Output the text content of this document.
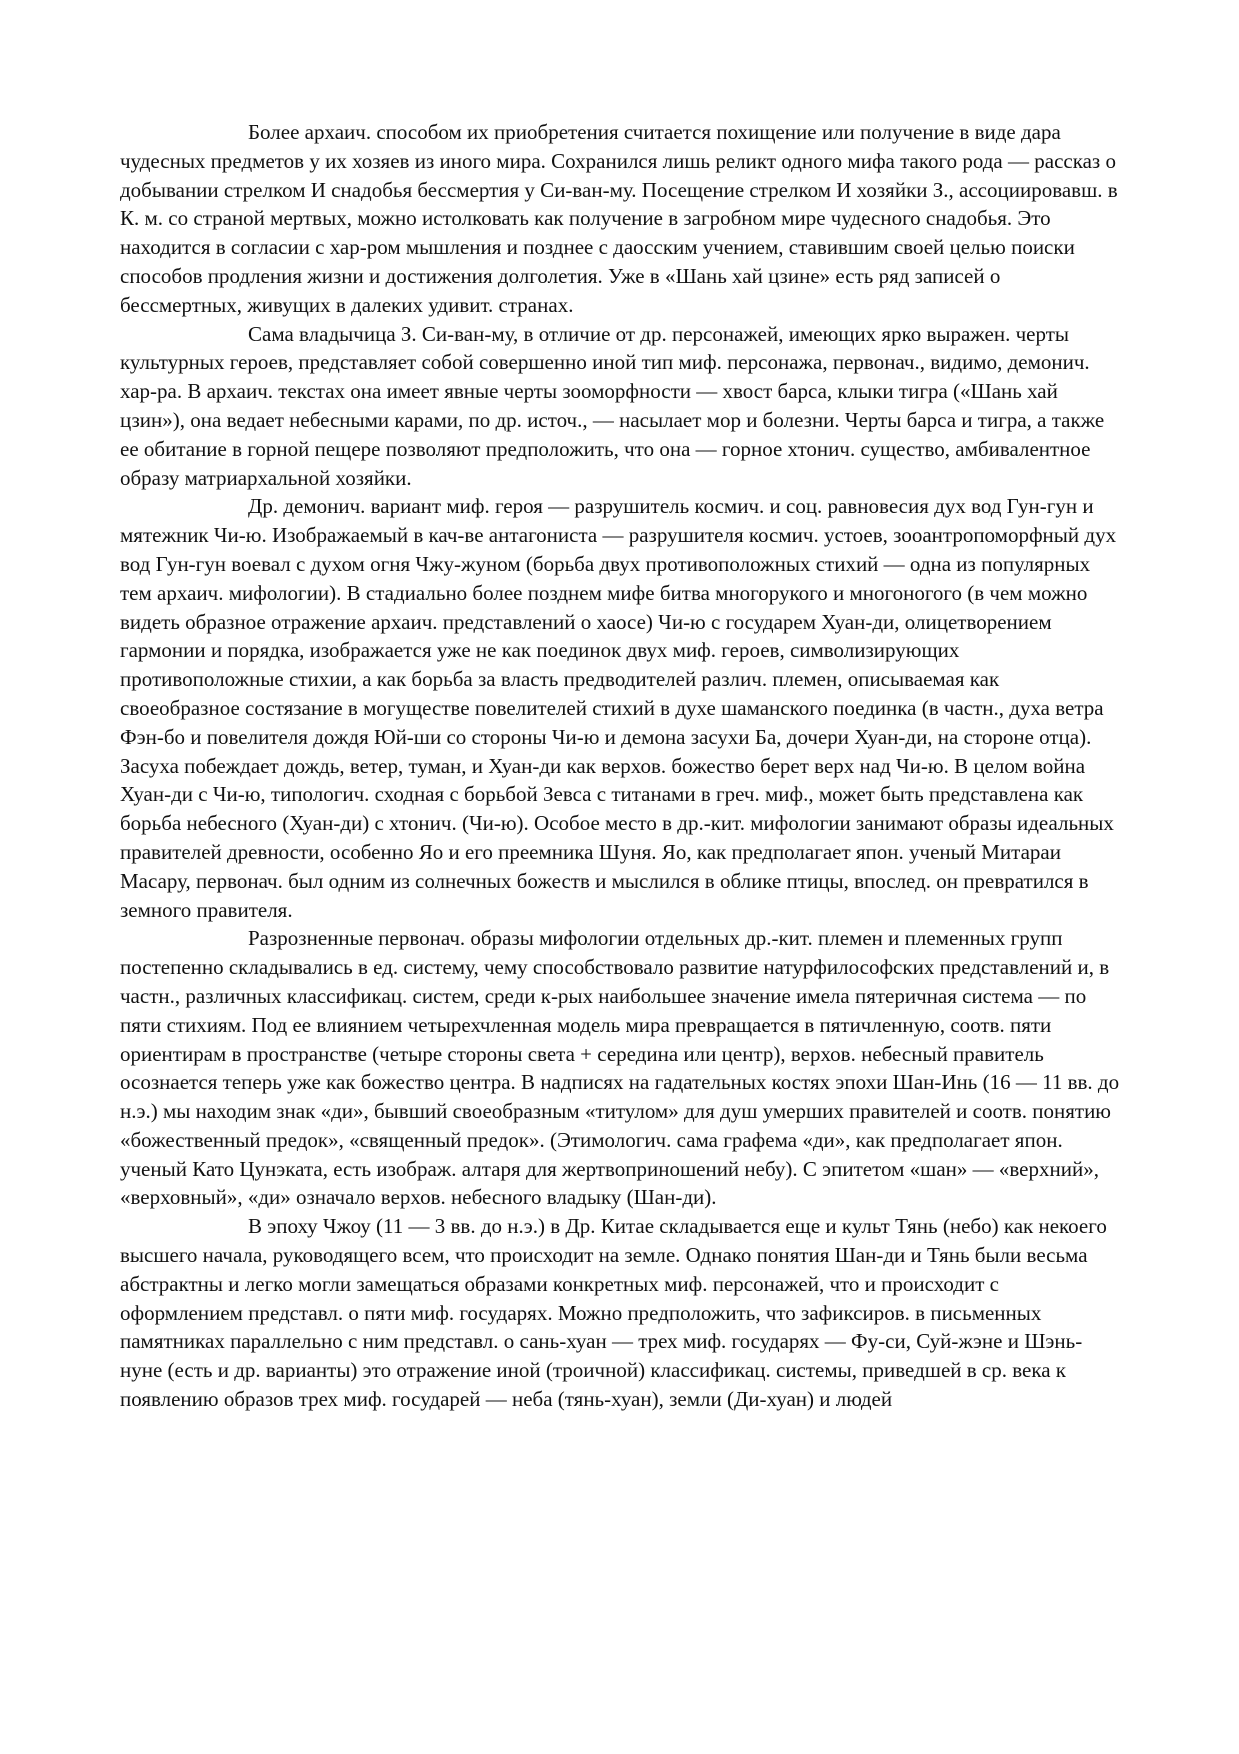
Более архаич. способом их приобретения считается похищение или получение в виде дара чудесных предметов у их хозяев из иного мира. Сохранился лишь реликт одного мифа такого рода — рассказ о добывании стрелком И снадобья бессмертия у Си-ван-му. Посещение стрелком И хозяйки З., ассоциировавш. в К. м. со страной мертвых, можно истолковать как получение в загробном мире чудесного снадобья. Это находится в согласии с хар-ром мышления и позднее с даосским учением, ставившим своей целью поиски способов продления жизни и достижения долголетия. Уже в «Шань хай цзине» есть ряд записей о бессмертных, живущих в далеких удивит. странах.

Сама владычица З. Си-ван-му, в отличие от др. персонажей, имеющих ярко выражен. черты культурных героев, представляет собой совершенно иной тип миф. персонажа, первонач., видимо, демонич. хар-ра. В архаич. текстах она имеет явные черты зооморфности — хвост барса, клыки тигра («Шань хай цзин»), она ведает небесными карами, по др. источ., — насылает мор и болезни. Черты барса и тигра, а также ее обитание в горной пещере позволяют предположить, что она — горное хтонич. существо, амбивалентное образу матриархальной хозяйки.

Др. демонич. вариант миф. героя — разрушитель космич. и соц. равновесия дух вод Гун-гун и мятежник Чи-ю. Изображаемый в кач-ве антагониста — разрушителя космич. устоев, зооантропоморфный дух вод Гун-гун воевал с духом огня Чжу-жуном (борьба двух противоположных стихий — одна из популярных тем архаич. мифологии). В стадиально более позднем мифе битва многорукого и многоногого (в чем можно видеть образное отражение архаич. представлений о хаосе) Чи-ю с государем Хуан-ди, олицетворением гармонии и порядка, изображается уже не как поединок двух миф. героев, символизирующих противоположные стихии, а как борьба за власть предводителей различ. племен, описываемая как своеобразное состязание в могуществе повелителей стихий в духе шаманского поединка (в частн., духа ветра Фэн-бо и повелителя дождя Юй-ши со стороны Чи-ю и демона засухи Ба, дочери Хуан-ди, на стороне отца). Засуха побеждает дождь, ветер, туман, и Хуан-ди как верхов. божество берет верх над Чи-ю. В целом война Хуан-ди с Чи-ю, типологич. сходная с борьбой Зевса с титанами в греч. миф., может быть представлена как борьба небесного (Хуан-ди) с хтонич. (Чи-ю). Особое место в др.-кит. мифологии занимают образы идеальных правителей древности, особенно Яо и его преемника Шуня. Яо, как предполагает япон. ученый Митараи Масару, первонач. был одним из солнечных божеств и мыслился в облике птицы, впослед. он превратился в земного правителя.

Разрозненные первонач. образы мифологии отдельных др.-кит. племен и племенных групп постепенно складывались в ед. систему, чему способствовало развитие натурфилософских представлений и, в частн., различных классификац. систем, среди к-рых наибольшее значение имела пятеричная система — по пяти стихиям. Под ее влиянием четырехчленная модель мира превращается в пятичленную, соотв. пяти ориентирам в пространстве (четыре стороны света + середина или центр), верхов. небесный правитель осознается теперь уже как божество центра. В надписях на гадательных костях эпохи Шан-Инь (16 — 11 вв. до н.э.) мы находим знак «ди», бывший своеобразным «титулом» для душ умерших правителей и соотв. понятию «божественный предок», «священный предок». (Этимологич. сама графема «ди», как предполагает япон. ученый Като Цунэката, есть изображ. алтаря для жертвоприношений небу). С эпитетом «шан» — «верхний», «верховный», «ди» означало верхов. небесного владыку (Шан-ди).

В эпоху Чжоу (11 — 3 вв. до н.э.) в Др. Китае складывается еще и культ Тянь (небо) как некоего высшего начала, руководящего всем, что происходит на земле. Однако понятия Шан-ди и Тянь были весьма абстрактны и легко могли замещаться образами конкретных миф. персонажей, что и происходит с оформлением представл. о пяти миф. государях. Можно предположить, что зафиксиров. в письменных памятниках параллельно с ним представл. о сань-хуан — трех миф. государях — Фу-си, Суй-жэне и Шэнь-нуне (есть и др. варианты) это отражение иной (троичной) классификац. системы, приведшей в ср. века к появлению образов трех миф. государей — неба (тянь-хуан), земли (Ди-хуан) и людей
